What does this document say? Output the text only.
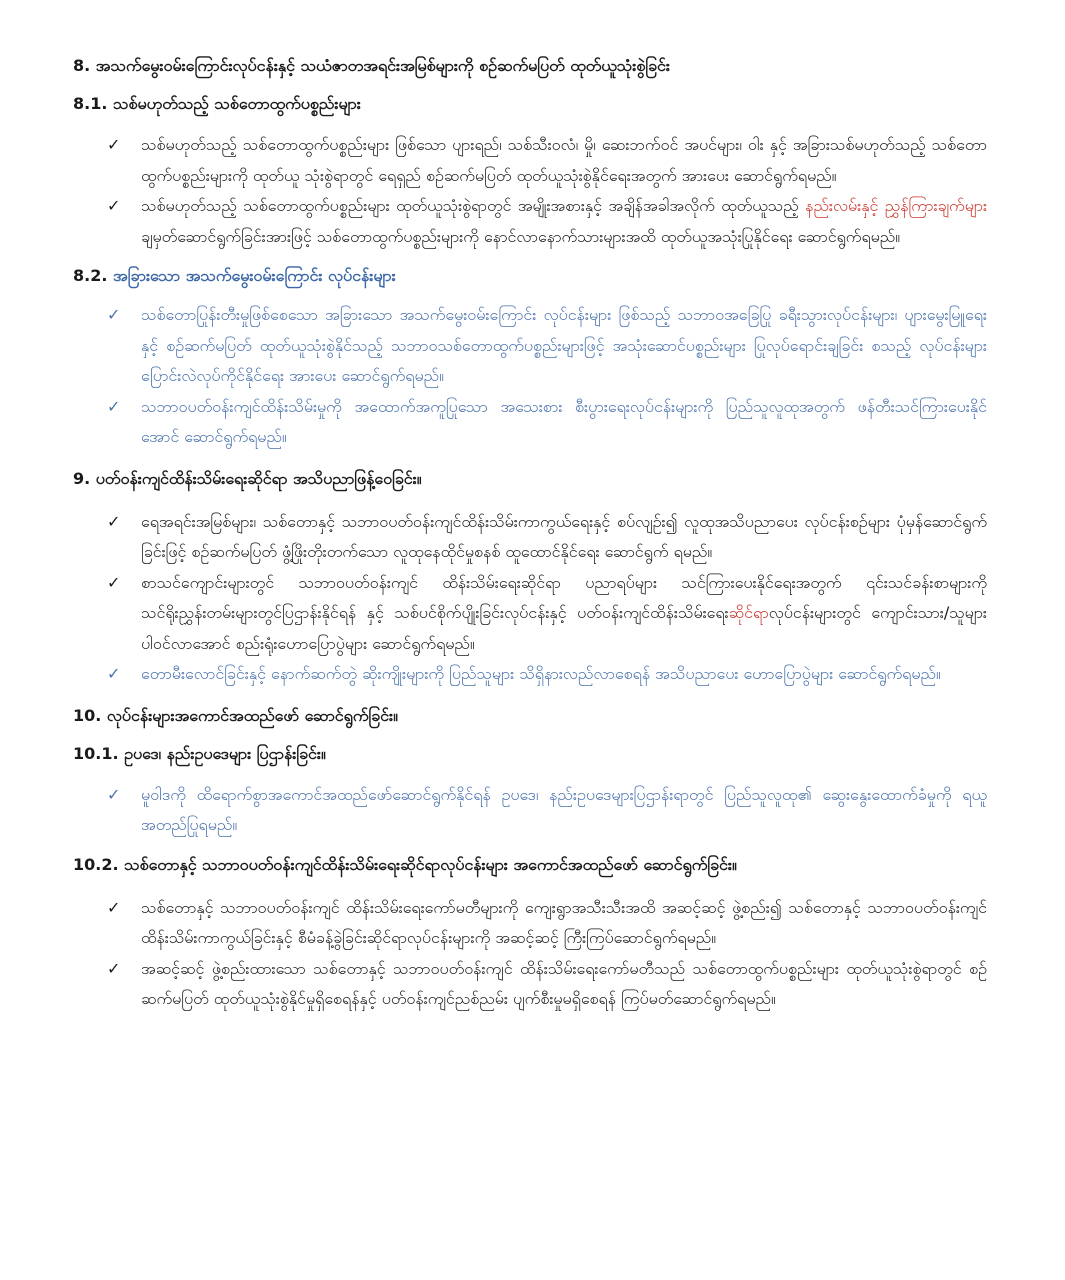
8. အသက်မွေးဝမ်းကြောင်းလုပ်ငန်းနှင့် သယံဇာတအရင်းအမြစ်များကို စဉ်ဆက်မပြတ် ထုတ်ယူသုံးစွဲခြင်း

8.1. သစ်မဟုတ်သည့် သစ်တောထွက်ပစ္စည်းများ

✓ သစ်မဟုတ်သည့် သစ်တောထွက်ပစ္စည်းများ ဖြစ်သော ပျားရည်၊ သစ်သီးဝလံ၊ မှို၊ ဆေးဘက်ဝင် အပင်များ၊ ဝါး နှင့် အခြားသစ်မဟုတ်သည့် သစ်တောထွက်ပစ္စည်းများကို ထုတ်ယူ သုံးစွဲရာတွင် ရေရှည် စဉ်ဆက်မပြတ် ထုတ်ယူသုံးစွဲနိုင်ရေးအတွက် အားပေး ဆောင်ရွက်ရမည်။
✓ သစ်မဟုတ်သည့် သစ်တောထွက်ပစ္စည်းများ ထုတ်ယူသုံးစွဲရာတွင် အမျိုးအစားနှင့် အချိန်အခါအလိုက် ထုတ်ယူသည့် နည်းလမ်းနှင့် ညွှန်ကြားချက်များ ချမှတ်ဆောင်ရွက်ခြင်းအားဖြင့် သစ်တောထွက်ပစ္စည်းများကို နောင်လာနောက်သားများအထိ ထုတ်ယူအသုံးပြုနိုင်ရေး ဆောင်ရွက်ရမည်။

8.2. အခြားသော အသက်မွေးဝမ်းကြောင်း လုပ်ငန်းများ

✓ သစ်တောပြုန်းတီးမှုဖြစ်စေသော အခြားသော အသက်မွေးဝမ်းကြောင်း လုပ်ငန်းများ ဖြစ်သည့် သဘာဝအခြေပြု ခရီးသွားလုပ်ငန်းများ၊ ပျားမွေးမြူရေးနှင့် စဉ်ဆက်မပြတ် ထုတ်ယူသုံးစွဲနိုင်သည့် သဘာဝသစ်တောထွက်ပစ္စည်းများဖြင့် အသုံးဆောင်ပစ္စည်းများ ပြုလုပ်ရောင်းချခြင်း စသည့် လုပ်ငန်းများ ပြောင်းလဲလုပ်ကိုင်နိုင်ရေး အားပေး ဆောင်ရွက်ရမည်။
✓ သဘာဝပတ်ဝန်းကျင်ထိန်းသိမ်းမှုကို အထောက်အကူပြုသော အသေးစား စီးပွားရေးလုပ်ငန်းများကို ပြည်သူလူထုအတွက် ဖန်တီးသင်ကြားပေးနိုင်အောင် ဆောင်ရွက်ရမည်။

9. ပတ်ဝန်းကျင်ထိန်းသိမ်းရေးဆိုင်ရာ အသိပညာဖြန့်ဝေခြင်း။

✓ ရေအရင်းအမြစ်များ၊ သစ်တောနှင့် သဘာဝပတ်ဝန်းကျင်ထိန်းသိမ်းကာကွယ်ရေးနှင့် စပ်လျဉ်း၍ လူထုအသိပညာပေး လုပ်ငန်းစဉ်များ ပုံမှန်ဆောင်ရွက်ခြင်းဖြင့် စဉ်ဆက်မပြတ် ဖွံ့ဖြိုးတိုးတက်သော လူထုနေထိုင်မှုစနစ် ထူထောင်နိုင်ရေး ဆောင်ရွက် ရမည်။
✓ စာသင်ကျောင်းများတွင် သဘာဝပတ်ဝန်းကျင် ထိန်းသိမ်းရေးဆိုင်ရာ ပညာရပ်များ သင်ကြားပေးနိုင်ရေးအတွက် ၎င်းသင်ခန်းစာများကို သင်ရိုးညွှန်းတမ်းများတွင်ပြဌာန်းနိုင်ရန် နှင့် သစ်ပင်စိုက်ပျိုးခြင်းလုပ်ငန်းနှင့် ပတ်ဝန်းကျင်ထိန်းသိမ်းရေးဆိုင်ရာလုပ်ငန်းများတွင် ကျောင်းသား/သူများ ပါဝင်လာအောင် စည်းရုံးဟောပြောပွဲများ ဆောင်ရွက်ရမည်။
✓ တောမီးလောင်ခြင်းနှင့် နောက်ဆက်တွဲ ဆိုးကျိုးများကို ပြည်သူများ သိရှိနားလည်လာစေရန် အသိပညာပေး ဟောပြောပွဲများ ဆောင်ရွက်ရမည်။

10. လုပ်ငန်းများအကောင်အထည်ဖော် ဆောင်ရွက်ခြင်း။

10.1. ဥပဒေ၊ နည်းဥပဒေများ ပြဌာန်းခြင်း။

✓ မူဝါဒကို ထိရောက်စွာအကောင်အထည်ဖော်ဆောင်ရွက်နိုင်ရန် ဥပဒေ၊ နည်းဥပဒေများပြဌာန်းရာတွင် ပြည်သူလူထု၏ ဆွေးနွေးထောက်ခံမှုကို ရယူအတည်ပြုရမည်။

10.2. သစ်တောနှင့် သဘာဝပတ်ဝန်းကျင်ထိန်းသိမ်းရေးဆိုင်ရာလုပ်ငန်းများ အကောင်အထည်ဖော် ဆောင်ရွက်ခြင်း။

✓ သစ်တောနှင့် သဘာဝပတ်ဝန်းကျင် ထိန်းသိမ်းရေးကော်မတီများကို ကျေးရွာအသီးသီးအထိ အဆင့်ဆင့် ဖွဲ့စည်း၍ သစ်တောနှင့် သဘာဝပတ်ဝန်းကျင် ထိန်းသိမ်းကာကွယ်ခြင်းနှင့် စီမံခန့်ခွဲခြင်းဆိုင်ရာလုပ်ငန်းများကို အဆင့်ဆင့် ကြီးကြပ်ဆောင်ရွက်ရမည်။
✓ အဆင့်ဆင့် ဖွဲ့စည်းထားသော သစ်တောနှင့် သဘာဝပတ်ဝန်းကျင် ထိန်းသိမ်းရေးကော်မတီသည် သစ်တောထွက်ပစ္စည်းများ ထုတ်ယူသုံးစွဲရာတွင် စဉ်ဆက်မပြတ် ထုတ်ယူသုံးစွဲနိုင်မှုရှိစေရန်နှင့် ပတ်ဝန်းကျင်ညစ်ညမ်း ပျက်စီးမှုမရှိစေရန် ကြပ်မတ်ဆောင်ရွက်ရမည်။
